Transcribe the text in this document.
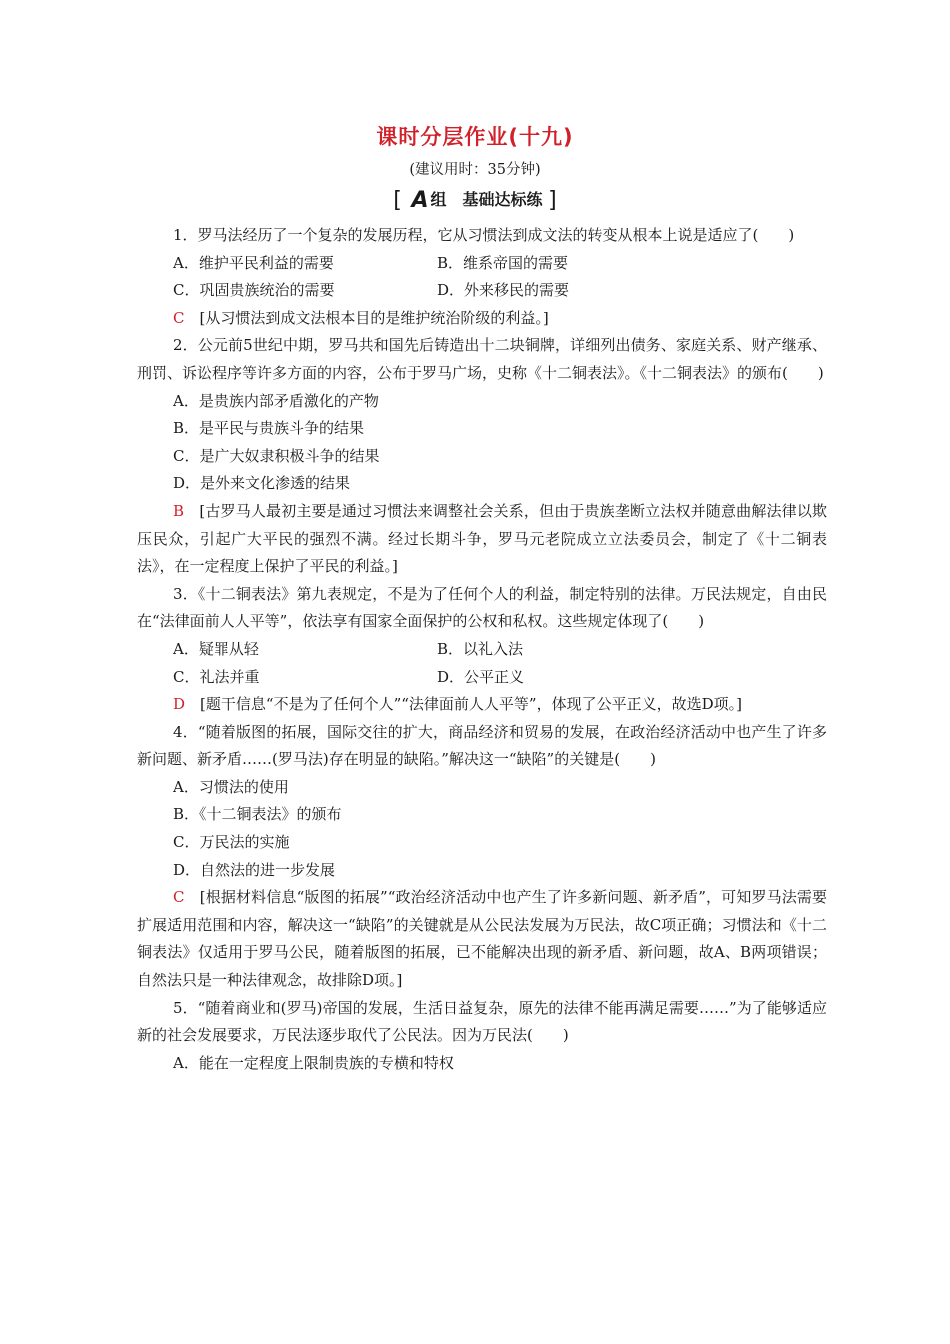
课时分层作业(十九)
(建议用时：35分钟)
[ A 组　基础达标练 ]

1．罗马法经历了一个复杂的发展历程，它从习惯法到成文法的转变从根本上说是适应了(　　)

A．维护平民利益的需要	B．维系帝国的需要
C．巩固贵族统治的需要	D．外来移民的需要

C　 [从习惯法到成文法根本目的是维护统治阶级的利益。]

2．公元前5世纪中期，罗马共和国先后铸造出十二块铜牌，详细列出债务、家庭关系、财产继承、刑罚、诉讼程序等许多方面的内容，公布于罗马广场，史称《十二铜表法》。《十二铜表法》的颁布(　　)

A．是贵族内部矛盾激化的产物

B．是平民与贵族斗争的结果

C．是广大奴隶积极斗争的结果

D．是外来文化渗透的结果

B　 [古罗马人最初主要是通过习惯法来调整社会关系，但由于贵族垄断立法权并随意曲解法律以欺压民众，引起广大平民的强烈不满。经过长期斗争，罗马元老院成立立法委员会，制定了《十二铜表法》，在一定程度上保护了平民的利益。]

3．《十二铜表法》第九表规定，不是为了任何个人的利益，制定特别的法律。万民法规定，自由民在“法律面前人人平等”，依法享有国家全面保护的公权和私权。这些规定体现了(　　)

A．疑罪从轻	B．以礼入法
C．礼法并重	D．公平正义

D　 [题干信息“不是为了任何个人”“法律面前人人平等”，体现了公平正义，故选D项。]

4．“随着版图的拓展，国际交往的扩大，商品经济和贸易的发展，在政治经济活动中也产生了许多新问题、新矛盾……(罗马法)存在明显的缺陷。”解决这一“缺陷”的关键是(　　)

A．习惯法的使用

B．《十二铜表法》的颁布

C．万民法的实施

D．自然法的进一步发展

C　 [根据材料信息“版图的拓展”“政治经济活动中也产生了许多新问题、新矛盾”，可知罗马法需要扩展适用范围和内容，解决这一“缺陷”的关键就是从公民法发展为万民法，故C项正确；习惯法和《十二铜表法》仅适用于罗马公民，随着版图的拓展，已不能解决出现的新矛盾、新问题，故A、B两项错误；自然法只是一种法律观念，故排除D项。]

5．“随着商业和(罗马)帝国的发展，生活日益复杂，原先的法律不能再满足需要……”为了能够适应新的社会发展要求，万民法逐步取代了公民法。因为万民法(　　)

A．能在一定程度上限制贵族的专横和特权
